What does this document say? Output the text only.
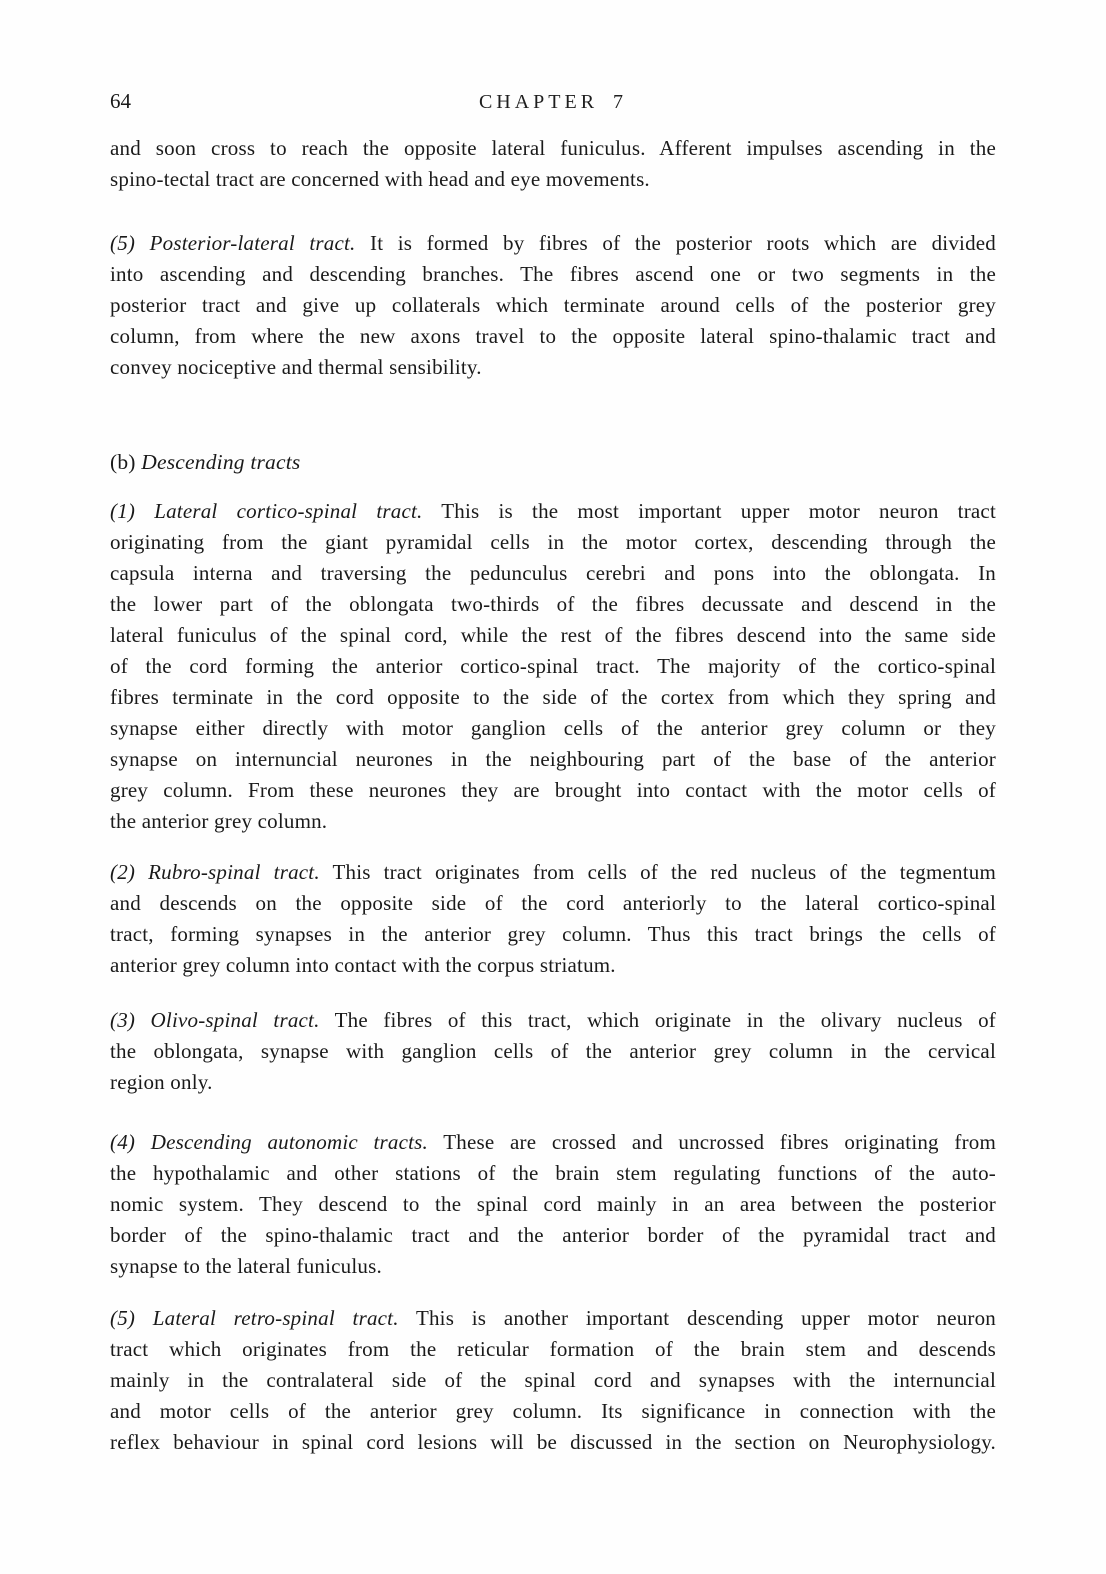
64	CHAPTER 7
and soon cross to reach the opposite lateral funiculus. Afferent impulses ascending in the
spino-tectal tract are concerned with head and eye movements.
(5) Posterior-lateral tract. It is formed by fibres of the posterior roots which are divided
into ascending and descending branches. The fibres ascend one or two segments in the
posterior tract and give up collaterals which terminate around cells of the posterior grey
column, from where the new axons travel to the opposite lateral spino-thalamic tract and
convey nociceptive and thermal sensibility.
(b) Descending tracts
(1) Lateral cortico-spinal tract. This is the most important upper motor neuron tract
originating from the giant pyramidal cells in the motor cortex, descending through the
capsula interna and traversing the pedunculus cerebri and pons into the oblongata. In
the lower part of the oblongata two-thirds of the fibres decussate and descend in the
lateral funiculus of the spinal cord, while the rest of the fibres descend into the same side
of the cord forming the anterior cortico-spinal tract. The majority of the cortico-spinal
fibres terminate in the cord opposite to the side of the cortex from which they spring and
synapse either directly with motor ganglion cells of the anterior grey column or they
synapse on internuncial neurones in the neighbouring part of the base of the anterior
grey column. From these neurones they are brought into contact with the motor cells of
the anterior grey column.
(2) Rubro-spinal tract. This tract originates from cells of the red nucleus of the tegmentum
and descends on the opposite side of the cord anteriorly to the lateral cortico-spinal
tract, forming synapses in the anterior grey column. Thus this tract brings the cells of
anterior grey column into contact with the corpus striatum.
(3) Olivo-spinal tract. The fibres of this tract, which originate in the olivary nucleus of
the oblongata, synapse with ganglion cells of the anterior grey column in the cervical
region only.
(4) Descending autonomic tracts. These are crossed and uncrossed fibres originating from
the hypothalamic and other stations of the brain stem regulating functions of the auto-
nomic system. They descend to the spinal cord mainly in an area between the posterior
border of the spino-thalamic tract and the anterior border of the pyramidal tract and
synapse to the lateral funiculus.
(5) Lateral retro-spinal tract. This is another important descending upper motor neuron
tract which originates from the reticular formation of the brain stem and descends
mainly in the contralateral side of the spinal cord and synapses with the internuncial
and motor cells of the anterior grey column. Its significance in connection with the
reflex behaviour in spinal cord lesions will be discussed in the section on Neurophysiology.
